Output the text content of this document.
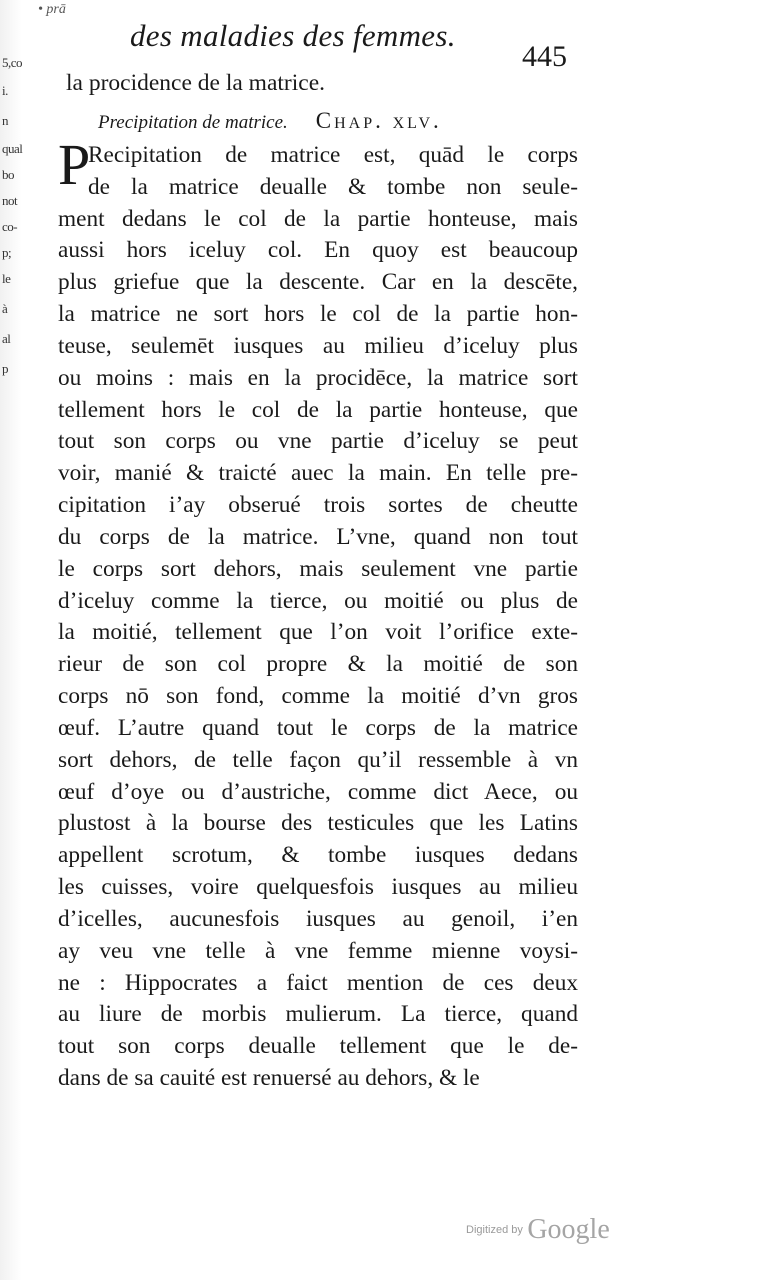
• prā
5,co
i.
n
qual
bo
not
co-
p;
le
à
al
p
des maladies des femmes.
445
la procidence de la matrice.
Precipitation de matrice. Chap. xlv.
P
Recipitation de matrice est, quād le corps
de la matrice deualle & tombe non seule-
ment dedans le col de la partie honteuse, mais
aussi hors iceluy col. En quoy est beaucoup
plus griefue que la descente. Car en la descēte,
la matrice ne sort hors le col de la partie hon-
teuse, seulemēt iusques au milieu d’iceluy plus
ou moins : mais en la procidēce, la matrice sort
tellement hors le col de la partie honteuse, que
tout son corps ou vne partie d’iceluy se peut
voir, manié & traicté auec la main. En telle pre-
cipitation i’ay obserué trois sortes de cheutte
du corps de la matrice. L’vne, quand non tout
le corps sort dehors, mais seulement vne partie
d’iceluy comme la tierce, ou moitié ou plus de
la moitié, tellement que l’on voit l’orifice exte-
rieur de son col propre & la moitié de son
corps nō son fond, comme la moitié d’vn gros
œuf. L’autre quand tout le corps de la matrice
sort dehors, de telle façon qu’il ressemble à vn
œuf d’oye ou d’austriche, comme dict Aece, ou
plustost à la bourse des testicules que les Latins
appellent scrotum, & tombe iusques dedans
les cuisses, voire quelquesfois iusques au milieu
d’icelles, aucunesfois iusques au genoil, i’en
ay veu vne telle à vne femme mienne voysi-
ne : Hippocrates a faict mention de ces deux
au liure de morbis mulierum. La tierce, quand
tout son corps deualle tellement que le de-
dans de sa cauité est renuersé au dehors, & le
Digitized by Google
